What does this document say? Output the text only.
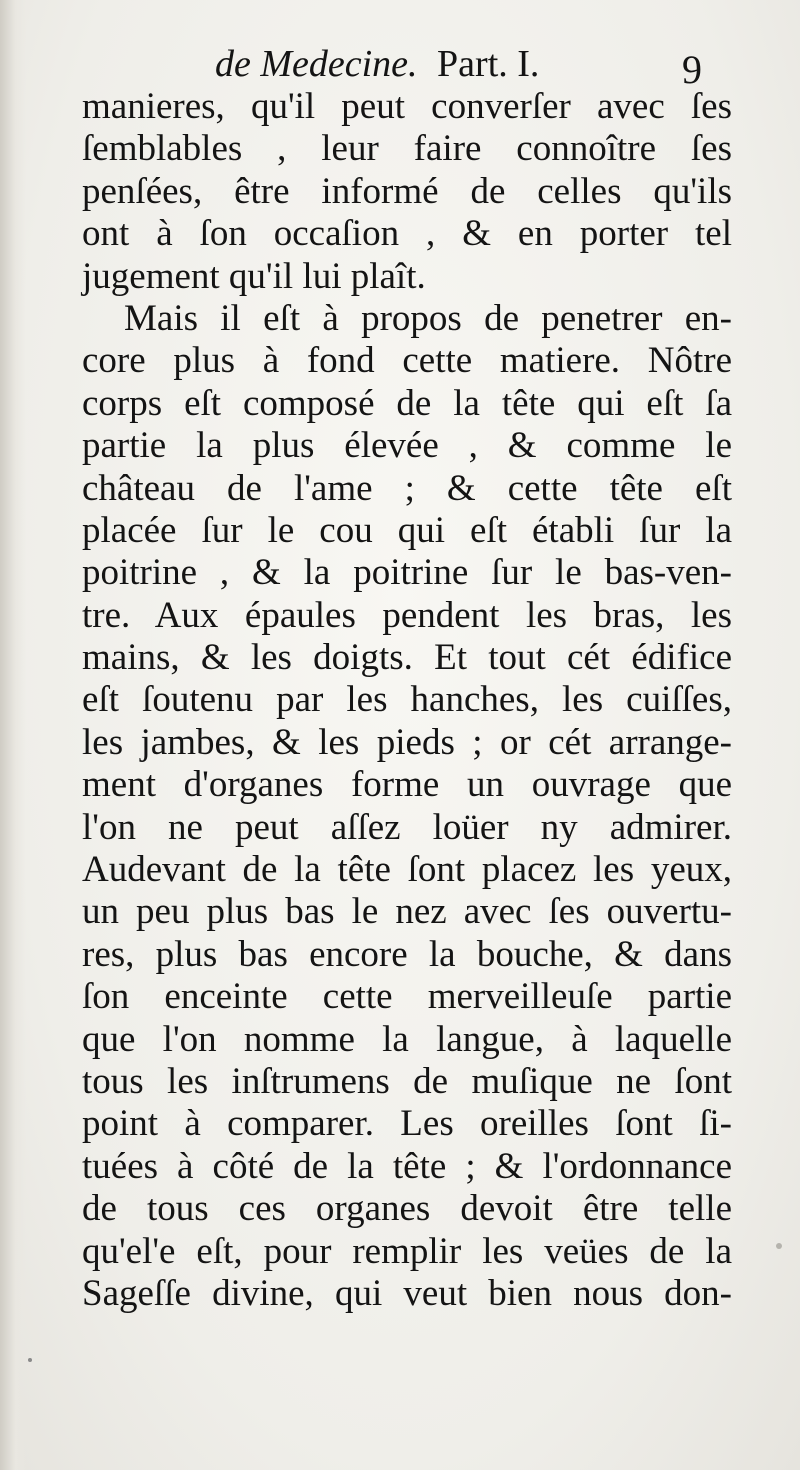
de Medecine. Part. I.	9
manieres, qu'il peut converſer avec ſes
ſemblables , leur faire connoître ſes
penſées, être informé de celles qu'ils
ont à ſon occaſion , & en porter tel
jugement qu'il lui plaît.
Mais il eſt à propos de penetrer en-
core plus à fond cette matiere. Nôtre
corps eſt composé de la tête qui eſt ſa
partie la plus élevée , & comme le
château de l'ame ; & cette tête eſt
placée ſur le cou qui eſt établi ſur la
poitrine , & la poitrine ſur le bas-ven-
tre. Aux épaules pendent les bras, les
mains, & les doigts. Et tout cét édifice
eſt ſoutenu par les hanches, les cuiſſes,
les jambes, & les pieds ; or cét arrange-
ment d'organes forme un ouvrage que
l'on ne peut aſſez loüer ny admirer.
Audevant de la tête ſont placez les yeux,
un peu plus bas le nez avec ſes ouvertu-
res, plus bas encore la bouche, & dans
ſon enceinte cette merveilleuſe partie
que l'on nomme la langue, à laquelle
tous les inſtrumens de muſique ne ſont
point à comparer. Les oreilles ſont ſi-
tuées à côté de la tête ; & l'ordonnance
de tous ces organes devoit être telle
qu'el'e eſt, pour remplir les veües de la
Sageſſe divine, qui veut bien nous don-
